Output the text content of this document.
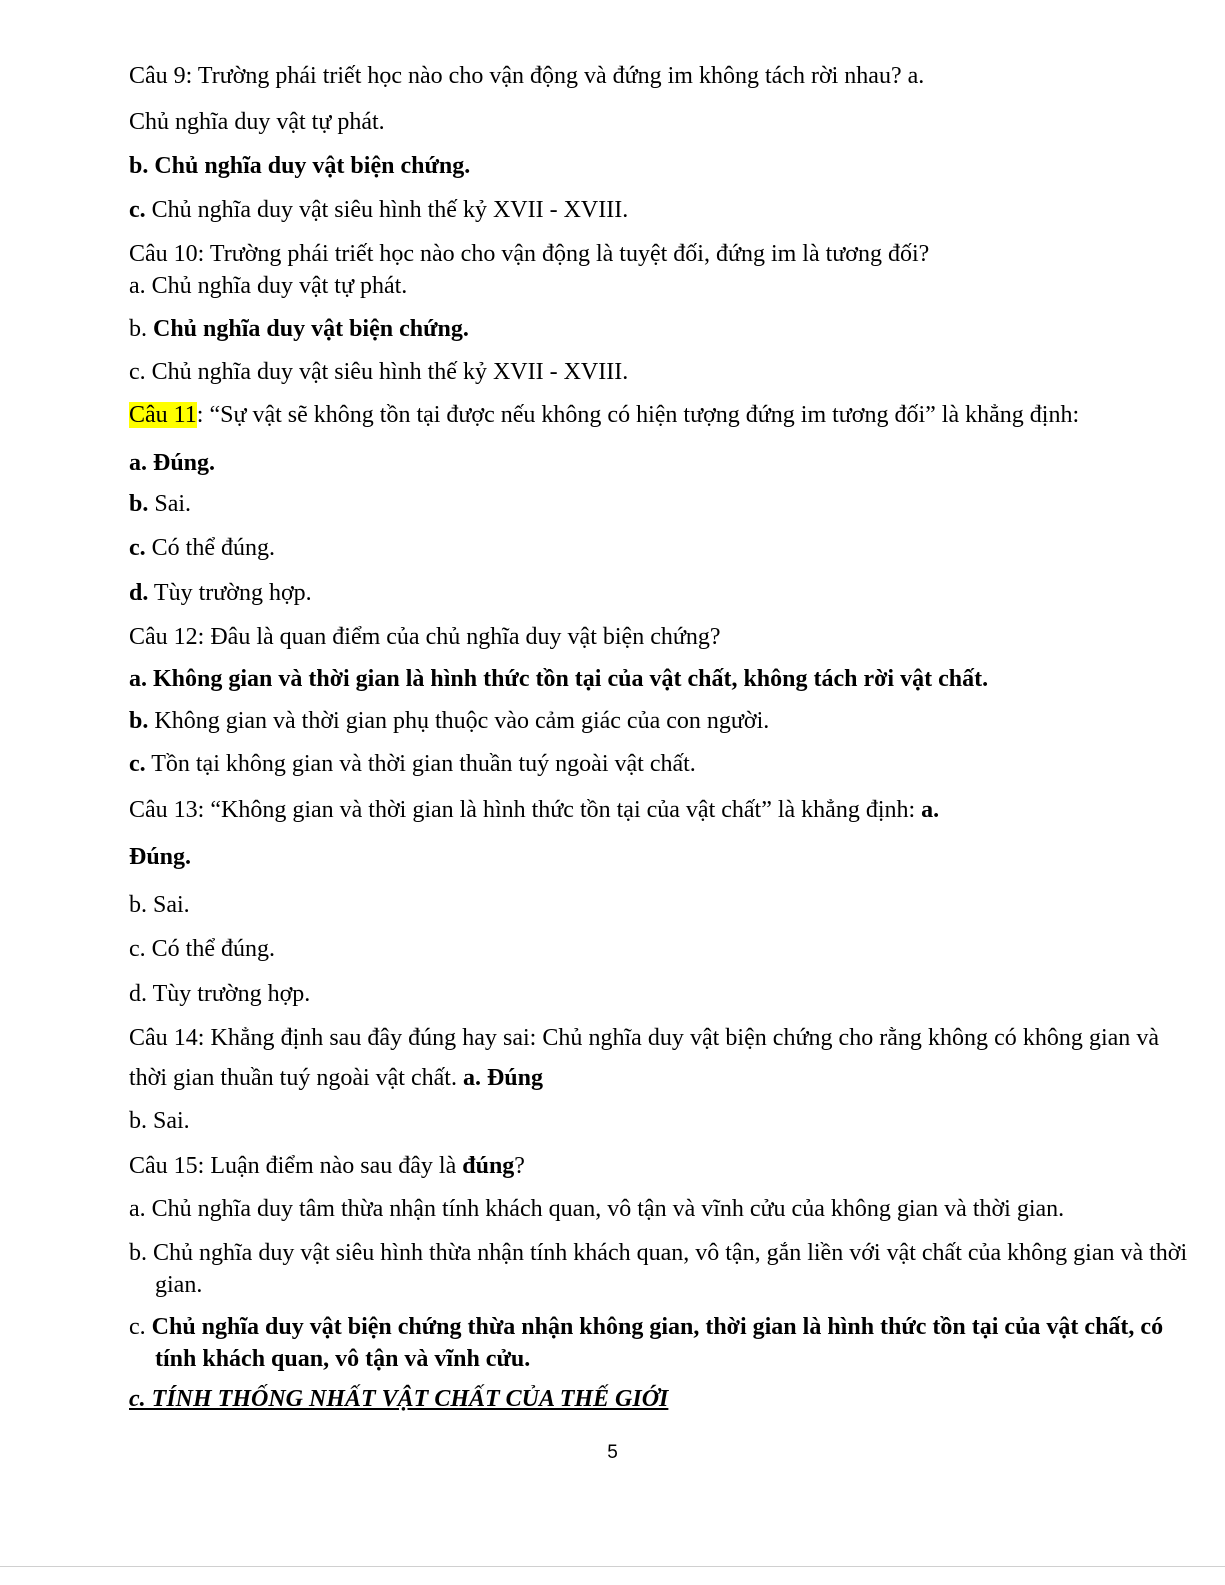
Câu 9: Trường phái triết học nào cho vận động và đứng im không tách rời nhau? a.
Chủ nghĩa duy vật tự phát.
b. Chủ nghĩa duy vật biện chứng.
c. Chủ nghĩa duy vật siêu hình thế kỷ XVII - XVIII.
Câu 10: Trường phái triết học nào cho vận động là tuyệt đối, đứng im là tương đối?
a. Chủ nghĩa duy vật tự phát.
b. Chủ nghĩa duy vật biện chứng.
c. Chủ nghĩa duy vật siêu hình thế kỷ XVII - XVIII.
Câu 11: “Sự vật sẽ không tồn tại được nếu không có hiện tượng đứng im tương đối” là khẳng định:
a. Đúng.
b. Sai.
c. Có thể đúng.
d. Tùy trường hợp.
Câu 12: Đâu là quan điểm của chủ nghĩa duy vật biện chứng?
a. Không gian và thời gian là hình thức tồn tại của vật chất, không tách rời vật chất.
b. Không gian và thời gian phụ thuộc vào cảm giác của con người.
c. Tồn tại không gian và thời gian thuần tuý ngoài vật chất.
Câu 13: “Không gian và thời gian là hình thức tồn tại của vật chất” là khẳng định: a.
Đúng.
b. Sai.
c. Có thể đúng.
d. Tùy trường hợp.
Câu 14: Khẳng định sau đây đúng hay sai: Chủ nghĩa duy vật biện chứng cho rằng không có không gian và thời gian thuần tuý ngoài vật chất. a. Đúng
b. Sai.
Câu 15: Luận điểm nào sau đây là đúng?
a. Chủ nghĩa duy tâm thừa nhận tính khách quan, vô tận và vĩnh cửu của không gian và thời gian.
b. Chủ nghĩa duy vật siêu hình thừa nhận tính khách quan, vô tận, gắn liền với vật chất của không gian và thời gian.
c. Chủ nghĩa duy vật biện chứng thừa nhận không gian, thời gian là hình thức tồn tại của vật chất, có tính khách quan, vô tận và vĩnh cửu.
c. TÍNH THỐNG NHẤT VẬT CHẤT CỦA THẾ GIỚI
5
